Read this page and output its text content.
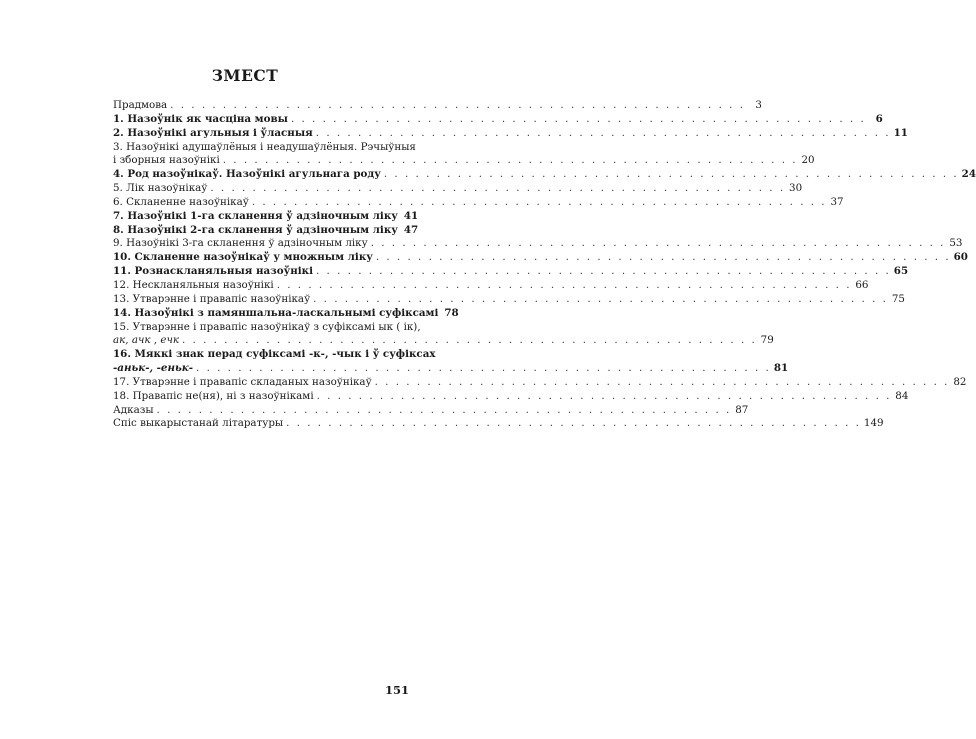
ЗМЕСТ
Прадмова . . . . . . . . . . . . . . . . . . . . . . . . . . . . . . . . . . . . . . . . . . . . . . . . . . . . . . .	3
1. Назоўнік як часціна мовы . . . . . . . . . . . . . . . . . . . . . . . . . . . . . . . . . . . . . . . . . . . . . . . . . . . . . . . 6
2. Назоўнікі агульныя і ўласныя . . . . . . . . . . . . . . . . . . . . . . . . . . . . . . . . . . . . . . . . . . . . . . . . . . . . . . . 11
3. Назоўнікі адушаўлёныя і неадушаўлёныя. Рэчыўныя
і зборныя назоўнікі . . . . . . . . . . . . . . . . . . . . . . . . . . . . . . . . . . . . . . . . . . . . . . . . . . . . . . . 20
4. Род назоўнікаў. Назоўнікі агульнага роду . . . . . . . . . . . . . . . . . . . . . . . . . . . . . . . . . . . . . . . . . . . . . . . . . . . . . . . 24
5. Лік назоўнікаў . . . . . . . . . . . . . . . . . . . . . . . . . . . . . . . . . . . . . . . . . . . . . . . . . . . . . . . 30
6. Скланенне назоўнікаў . . . . . . . . . . . . . . . . . . . . . . . . . . . . . . . . . . . . . . . . . . . . . . . . . . . . . . . 37
7. Назоўнікі 1-га скланення ў адзіночным ліку 41
8. Назоўнікі 2-га скланення ў адзіночным ліку 47
9. Назоўнікі 3-га скланення ў адзіночным ліку . . . . . . . . . . . . . . . . . . . . . . . . . . . . . . . . . . . . . . . . . . . . . . . . . . . . . . . 53
10. Скланенне назоўнікаў у множным ліку . . . . . . . . . . . . . . . . . . . . . . . . . . . . . . . . . . . . . . . . . . . . . . . . . . . . . . . 60
11. Рознаскланяльныя назоўнікі . . . . . . . . . . . . . . . . . . . . . . . . . . . . . . . . . . . . . . . . . . . . . . . . . . . . . . . 65
12. Нескланяльныя назоўнікі . . . . . . . . . . . . . . . . . . . . . . . . . . . . . . . . . . . . . . . . . . . . . . . . . . . . . . . 66
13. Утварэнне і правапіс назоўнікаў . . . . . . . . . . . . . . . . . . . . . . . . . . . . . . . . . . . . . . . . . . . . . . . . . . . . . . . 75
14. Назоўнікі з памяншальна-ласкальнымі суфіксамі 78
15. Утварэнне і правапіс назоўнікаў з суфіксамі ык ( ік),
ак, ачк , ечк . . . . . . . . . . . . . . . . . . . . . . . . . . . . . . . . . . . . . . . . . . . . . . . . . . . . . . . 79
16. Мяккі знак перад суфіксамі -к-, -чык і ў суфіксах
-аньк-, -еньк- . . . . . . . . . . . . . . . . . . . . . . . . . . . . . . . . . . . . . . . . . . . . . . . . . . . . . . . 81
17. Утварэнне і правапіс складаных назоўнікаў . . . . . . . . . . . . . . . . . . . . . . . . . . . . . . . . . . . . . . . . . . . . . . . . . . . . . . . 82
18. Правапіс не(ня), ні з назоўнікамі . . . . . . . . . . . . . . . . . . . . . . . . . . . . . . . . . . . . . . . . . . . . . . . . . . . . . . . 84
Адказы . . . . . . . . . . . . . . . . . . . . . . . . . . . . . . . . . . . . . . . . . . . . . . . . . . . . . . . 87
Спіс выкарыстанай літаратуры . . . . . . . . . . . . . . . . . . . . . . . . . . . . . . . . . . . . . . . . . . . . . . . . . . . . . . . 149
151
